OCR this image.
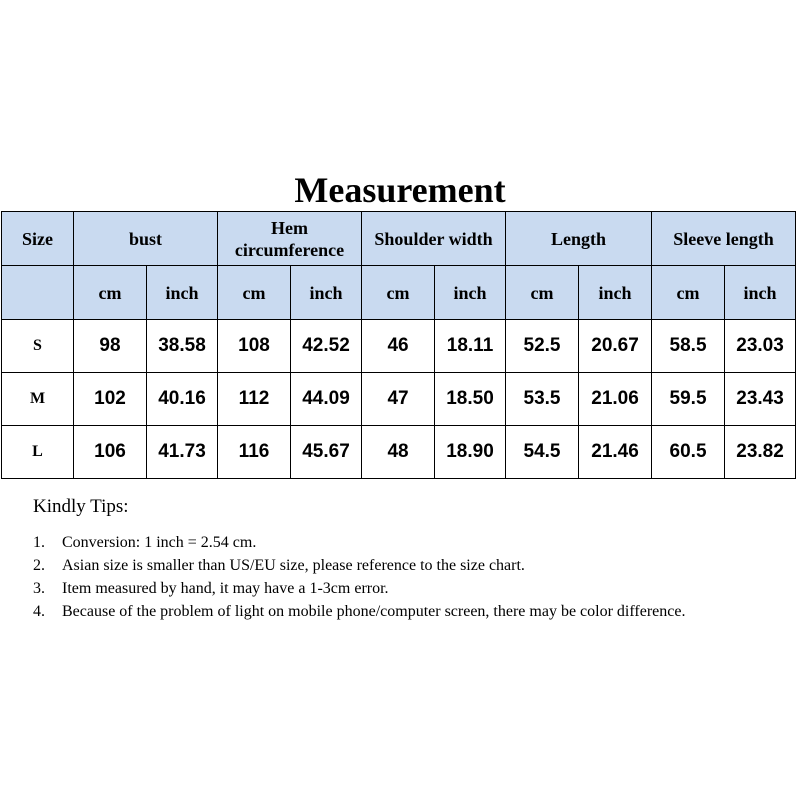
Measurement
Size	bust		Hem circumference		Shoulder width		Length		Sleeve length	
	cm	inch	cm	inch	cm	inch	cm	inch	cm	inch
S	98	38.58	108	42.52	46	18.11	52.5	20.67	58.5	23.03
M	102	40.16	112	44.09	47	18.50	53.5	21.06	59.5	23.43
L	106	41.73	116	45.67	48	18.90	54.5	21.46	60.5	23.82
Kindly Tips:
1. Conversion: 1 inch = 2.54 cm.
2. Asian size is smaller than US/EU size, please reference to the size chart.
3. Item measured by hand, it may have a 1-3cm error.
4. Because of the problem of light on mobile phone/computer screen, there may be color difference.
